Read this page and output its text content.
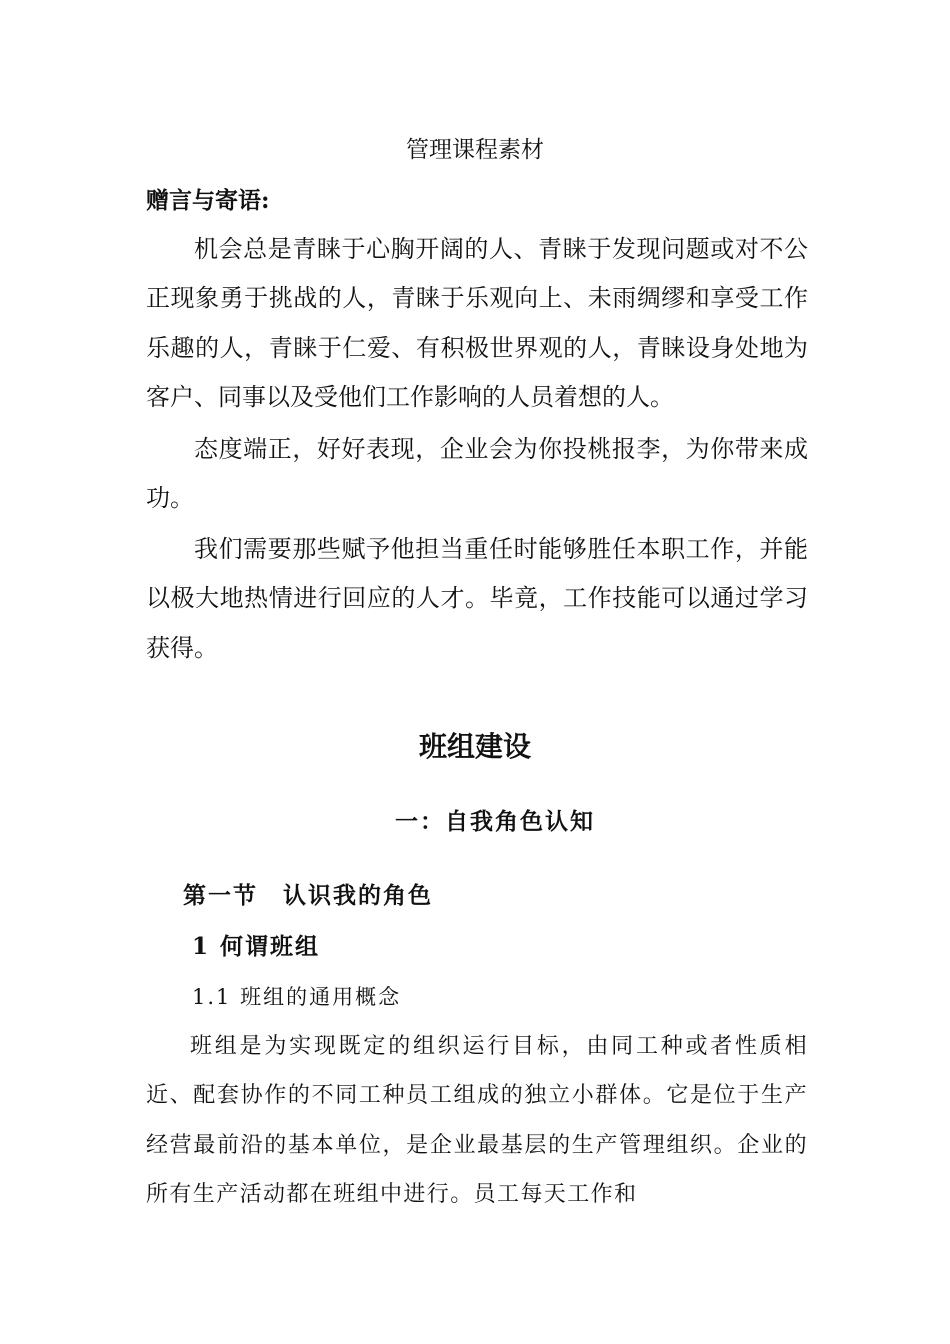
管理课程素材
赠言与寄语:

机会总是青睐于心胸开阔的人、青睐于发现问题或对不公正现象勇于挑战的人，青睐于乐观向上、未雨绸缪和享受工作乐趣的人，青睐于仁爱、有积极世界观的人，青睐设身处地为客户、同事以及受他们工作影响的人员着想的人。

态度端正，好好表现，企业会为你投桃报李，为你带来成功。

我们需要那些赋予他担当重任时能够胜任本职工作，并能以极大地热情进行回应的人才。毕竟，工作技能可以通过学习获得。

班组建设
一：自我角色认知
第一节　认识我的角色
1 何谓班组
1.1 班组的通用概念

班组是为实现既定的组织运行目标，由同工种或者性质相近、配套协作的不同工种员工组成的独立小群体。它是位于生产经营最前沿的基本单位，是企业最基层的生产管理组织。企业的所有生产活动都在班组中进行。员工每天工作和
